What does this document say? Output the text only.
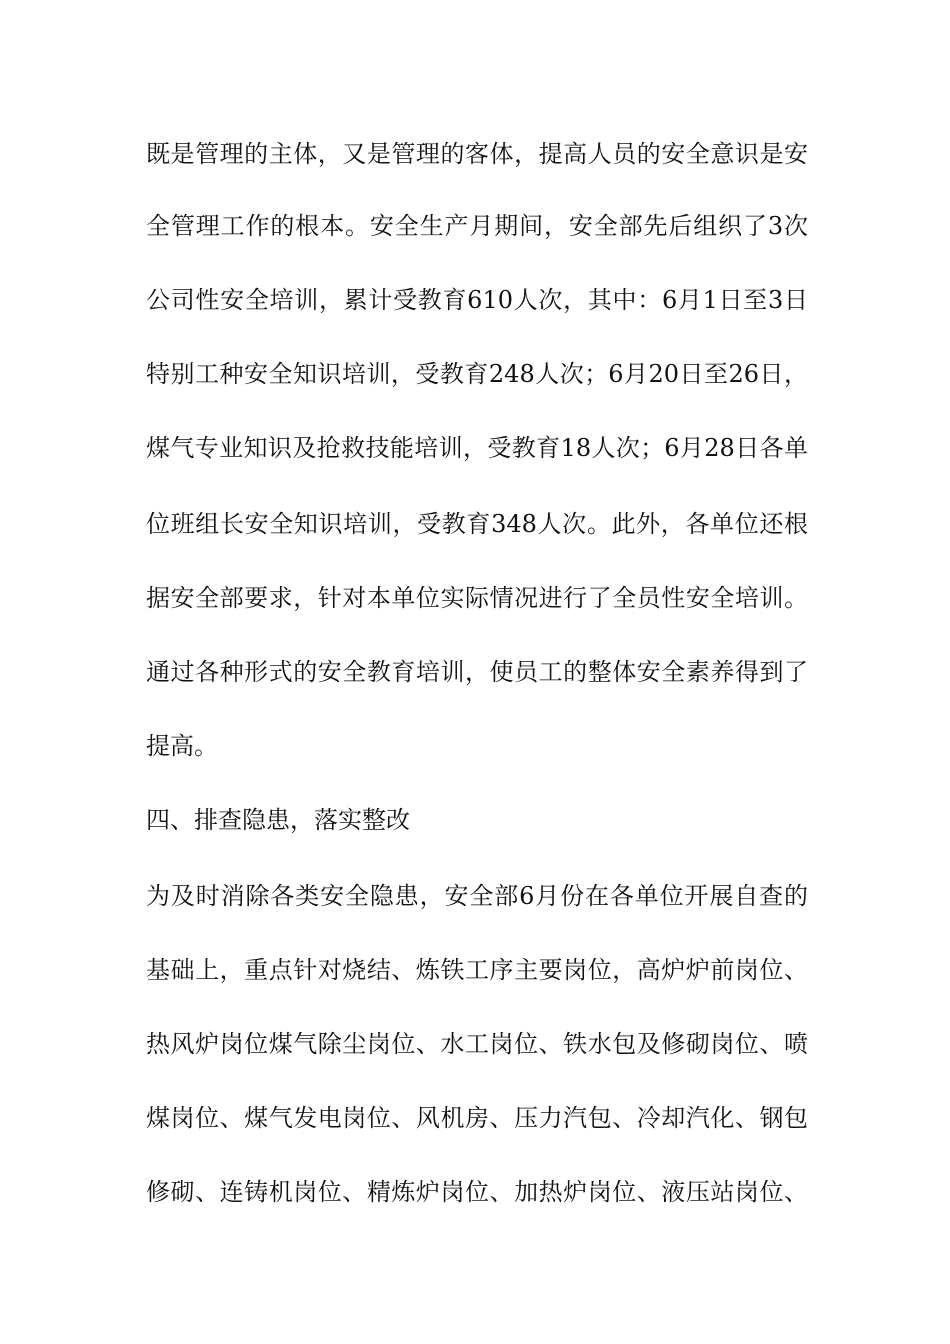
既是管理的主体，又是管理的客体，提高人员的安全意识是安
全管理工作的根本。安全生产月期间，安全部先后组织了3次
公司性安全培训，累计受教育610人次，其中：6月1日至3日
特别工种安全知识培训，受教育248人次；6月20日至26日，
煤气专业知识及抢救技能培训，受教育18人次；6月28日各单
位班组长安全知识培训，受教育348人次。此外，各单位还根
据安全部要求，针对本单位实际情况进行了全员性安全培训。
通过各种形式的安全教育培训，使员工的整体安全素养得到了
提高。
四、排查隐患，落实整改
为及时消除各类安全隐患，安全部6月份在各单位开展自查的
基础上，重点针对烧结、炼铁工序主要岗位，高炉炉前岗位、
热风炉岗位煤气除尘岗位、水工岗位、铁水包及修砌岗位、喷
煤岗位、煤气发电岗位、风机房、压力汽包、冷却汽化、钢包
修砌、连铸机岗位、精炼炉岗位、加热炉岗位、液压站岗位、
